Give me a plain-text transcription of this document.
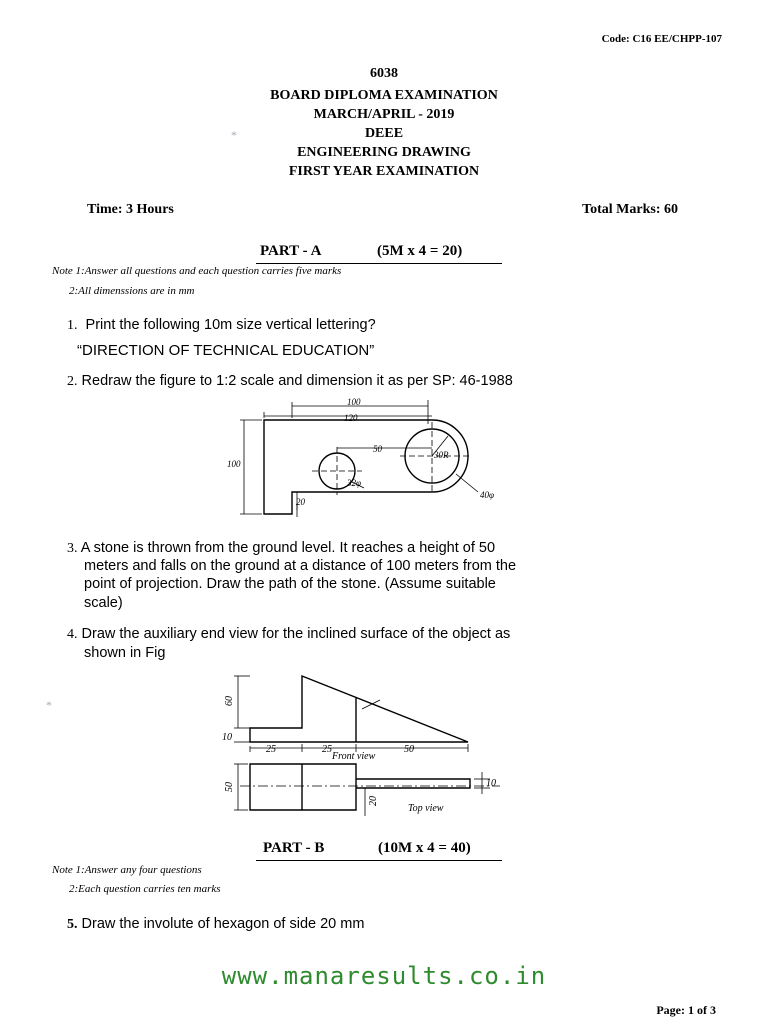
Code: C16 EE/CHPP-107
6038
BOARD DIPLOMA EXAMINATION
MARCH/APRIL - 2019
DEEE
ENGINEERING DRAWING
FIRST YEAR EXAMINATION
*
Time: 3 Hours	Total Marks: 60
PART - A	(5M x 4 = 20)
Note 1:Answer all questions and each question carries five marks
2:All dimenssions are in mm
1. Print the following 10m size vertical lettering?
“DIRECTION OF TECHNICAL EDUCATION”
2. Redraw the figure to 1:2 scale and dimension it as per SP: 46-1988
100
120
50
100
20
32φ
40φ
30R
3. A stone is thrown from the ground level. It reaches a height of 50
meters and falls on the ground at a distance of 100 meters from the
point of projection. Draw the path of the stone. (Assume suitable
scale)
4. Draw the auxiliary end view for the inclined surface of the object as
shown in Fig
*	60
10
25	25	50
Front view
50
20
10
Top view
PART - B	(10M x 4 = 40)
Note 1:Answer any four questions
2:Each question carries ten marks
5. Draw the involute of hexagon of side 20 mm
www.manaresults.co.in
Page: 1 of 3
